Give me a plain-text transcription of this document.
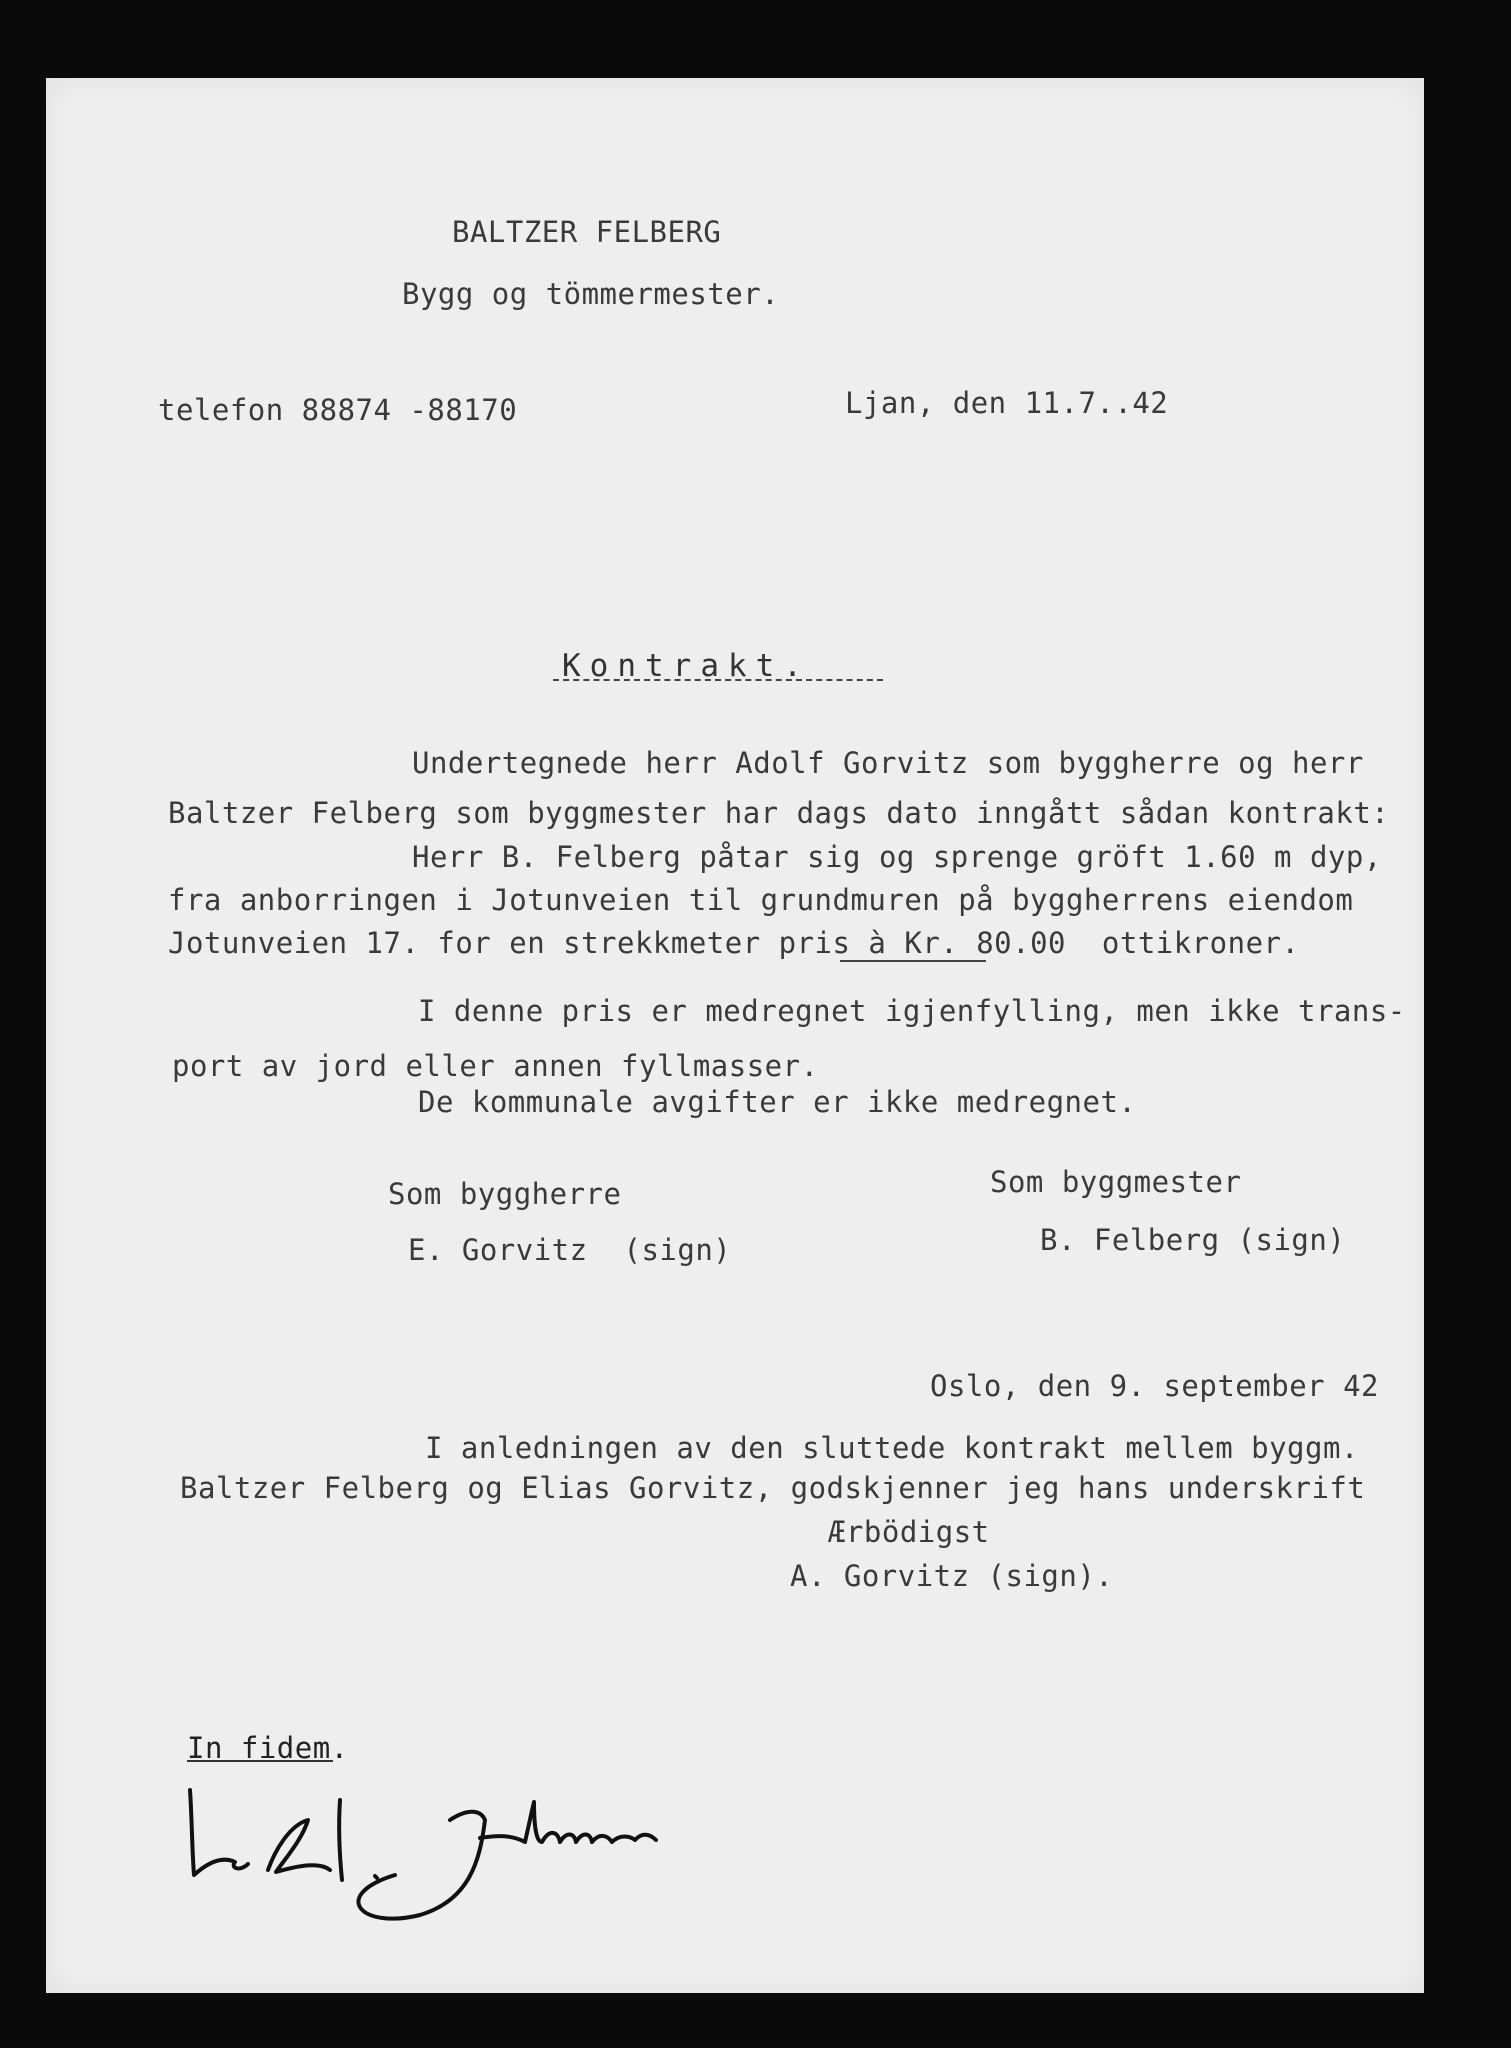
BALTZER FELBERG
Bygg og tömmermester.
telefon 88874 -88170	Ljan, den 11.7..42
Kontrakt.
Undertegnede herr Adolf Gorvitz som byggherre og herr
Baltzer Felberg som byggmester har dags dato inngått sådan kontrakt:
Herr B. Felberg påtar sig og sprenge gröft 1.60 m dyp,
fra anborringen i Jotunveien til grundmuren på byggherrens eiendom
Jotunveien 17. for en strekkmeter pris à Kr. 80.00 ottikroner.
I denne pris er medregnet igjenfylling, men ikke trans-
port av jord eller annen fyllmasser.
De kommunale avgifter er ikke medregnet.
Som byggherre
E. Gorvitz  (sign)
Som byggmester
B. Felberg (sign)
Oslo, den 9. september 42
I anledningen av den sluttede kontrakt mellem byggm.
Baltzer Felberg og Elias Gorvitz, godskjenner jeg hans underskrift
Ærbödigst
A. Gorvitz (sign).
In fidem.
